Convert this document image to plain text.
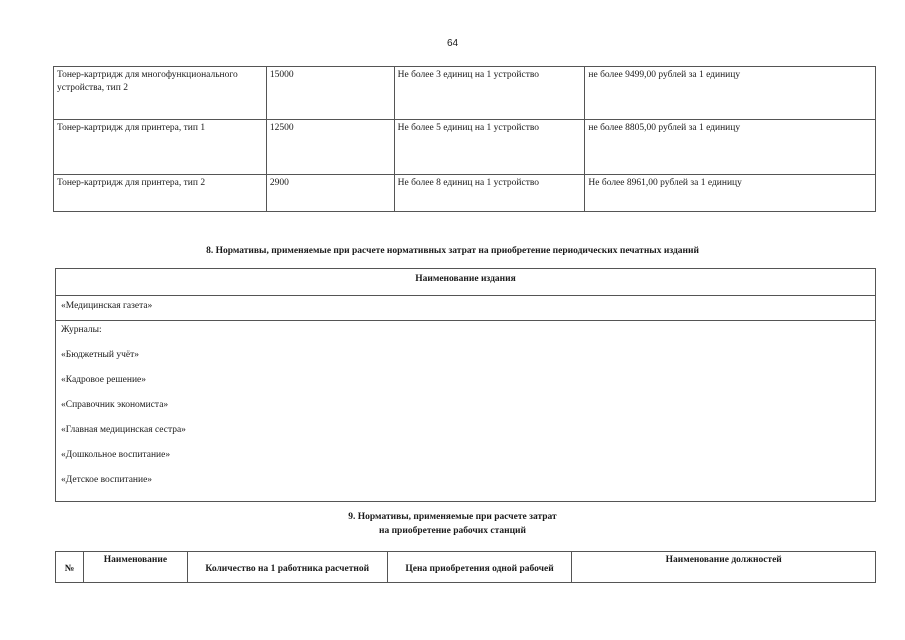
64
Тонер-картридж для многофункционального устройства, тип 2	15000	Не более 3 единиц на 1 устройство	не более 9499,00 рублей за 1 единицу
Тонер-картридж для принтера, тип 1	12500	Не более 5 единиц на 1 устройство	не более 8805,00 рублей за 1 единицу
Тонер-картридж для принтера, тип 2	2900	Не более 8 единиц на 1 устройство	Не более 8961,00 рублей за 1 единицу
8. Нормативы, применяемые при расчете нормативных затрат на приобретение периодических печатных изданий
Наименование издания
«Медицинская газета»

Журналы:
«Бюджетный учёт»
«Кадровое решение»
«Справочник экономиста»
«Главная медицинская сестра»
«Дошкольное воспитание»
«Детское воспитание»
9. Нормативы, применяемые при расчете затрат
на приобретение рабочих станций
№	Наименование	Количество на 1 работника расчетной	Цена приобретения одной рабочей	Наименование должностей
